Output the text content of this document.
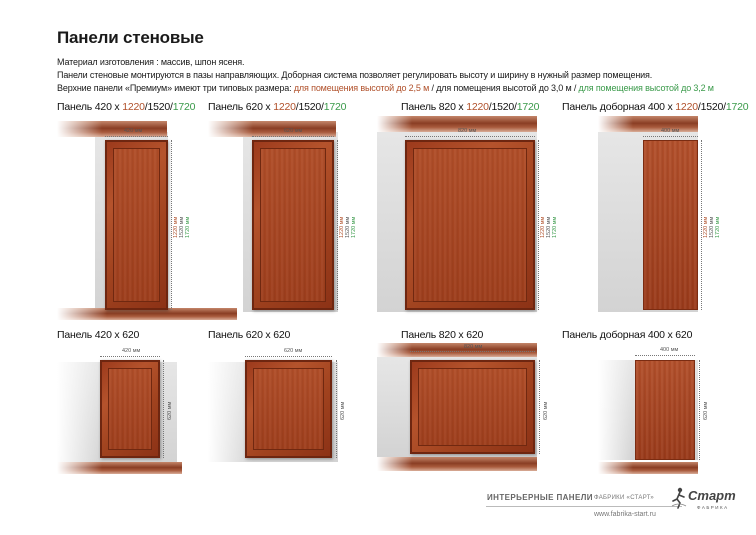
Панели стеновые
Материал изготовления : массив, шпон ясеня.
Панели стеновые монтируются в пазы направляющих. Доборная система позволяет регулировать высоту и ширину в нужный размер помещения.
Верхние панели «Премиум» имеют три типовых размера: для помещения высотой до 2,5 м / для помещения высотой до 3,0 м / для помещения высотой до 3,2 м
Панель 420 х 1220/1520/1720
420 мм
1220 мм 1520 мм 1720 мм
Панель 620 х 1220/1520/1720
620 мм
1220 мм 1520 мм 1720 мм
Панель 820 х 1220/1520/1720
820 мм
1220 мм 1520 мм 1720 мм
Панель доборная 400 х 1220/1520/1720
400 мм
1220 мм 1520 мм 1720 мм
Панель 420 х 620
420 мм
620 мм
Панель 620 х 620
620 мм
620 мм
Панель 820 х 620
820 мм
620 мм
Панель доборная 400 х 620
400 мм
620 мм
ИНТЕРЬЕРНЫЕ ПАНЕЛИ ФАБРИКИ «СТАРТ»
www.fabrika-start.ru
Старт
ФАБРИКА
